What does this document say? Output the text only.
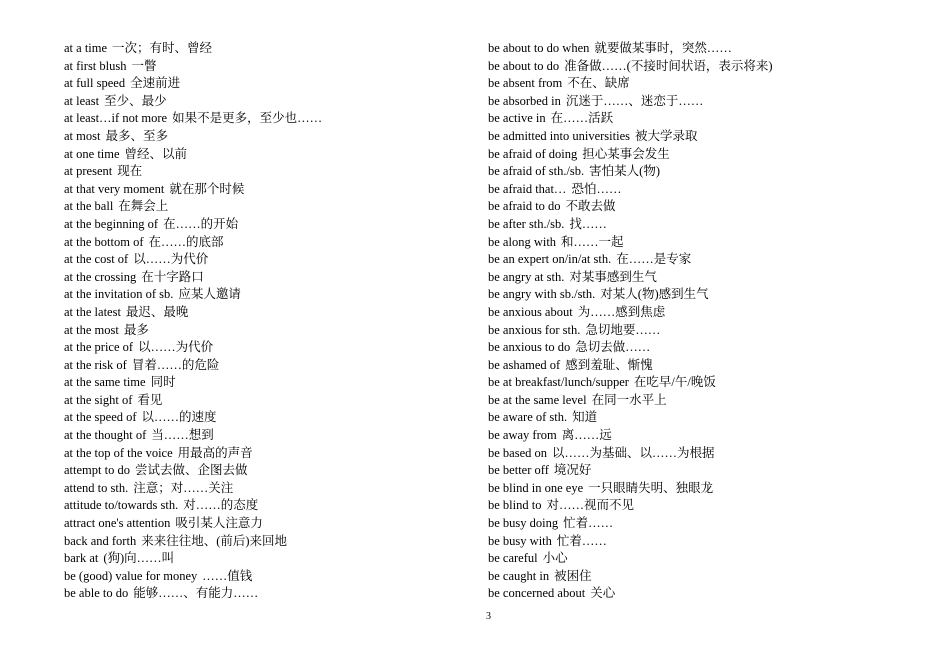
at a time 一次；有时、曾经
at first blush 一瞥
at full speed 全速前进
at least 至少、最少
at least…if not more 如果不是更多，至少也……
at most 最多、至多
at one time 曾经、以前
at present 现在
at that very moment 就在那个时候
at the ball 在舞会上
at the beginning of 在……的开始
at the bottom of 在……的底部
at the cost of 以……为代价
at the crossing 在十字路口
at the invitation of sb. 应某人邀请
at the latest 最迟、最晚
at the most 最多
at the price of 以……为代价
at the risk of 冒着……的危险
at the same time 同时
at the sight of 看见
at the speed of 以……的速度
at the thought of 当……想到
at the top of the voice 用最高的声音
attempt to do 尝试去做、企图去做
attend to sth. 注意；对……关注
attitude to/towards sth. 对……的态度
attract one's attention 吸引某人注意力
back and forth 来来往往地、(前后)来回地
bark at (狗)向……叫
be (good) value for money ……值钱
be able to do 能够……、有能力……
be about to do when 就要做某事时，突然……
be about to do 准备做……(不接时间状语，表示将来)
be absent from 不在、缺席
be absorbed in 沉迷于……、迷恋于……
be active in 在……活跃
be admitted into universities 被大学录取
be afraid of doing 担心某事会发生
be afraid of sth./sb. 害怕某人(物)
be afraid that… 恐怕……
be afraid to do 不敢去做
be after sth./sb. 找……
be along with 和……一起
be an expert on/in/at sth. 在……是专家
be angry at sth. 对某事感到生气
be angry with sb./sth. 对某人(物)感到生气
be anxious about 为……感到焦虑
be anxious for sth. 急切地要……
be anxious to do 急切去做……
be ashamed of 感到羞耻、惭愧
be at breakfast/lunch/supper 在吃早/午/晚饭
be at the same level 在同一水平上
be aware of sth. 知道
be away from 离……远
be based on 以……为基础、以……为根据
be better off 境况好
be blind in one eye 一只眼睛失明、独眼龙
be blind to 对……视而不见
be busy doing 忙着……
be busy with 忙着……
be careful 小心
be caught in 被困住
be concerned about 关心
3
